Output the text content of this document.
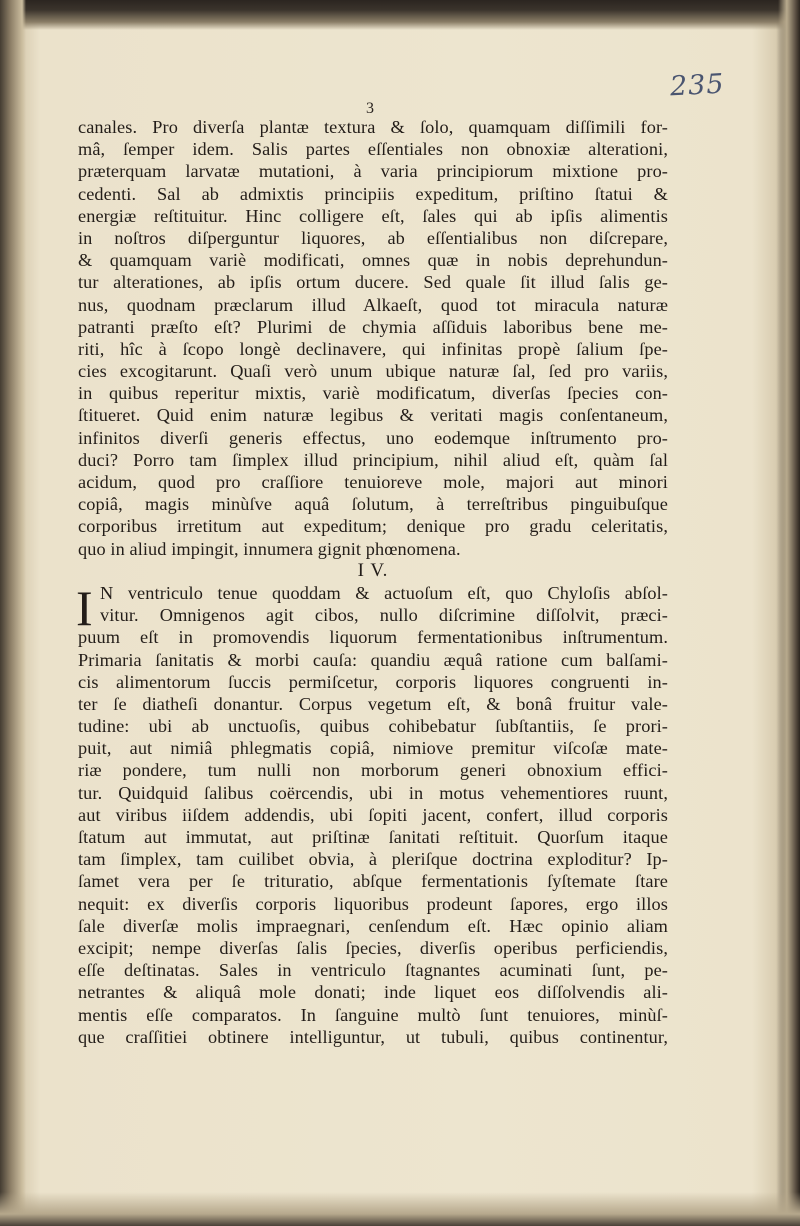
235
3
canales. Pro diverſa plantæ textura & ſolo, quamquam diſſimili for-
mâ, ſemper idem. Salis partes eſſentiales non obnoxiæ alterationi,
præterquam larvatæ mutationi, à varia principiorum mixtione pro-
cedenti. Sal ab admixtis principiis expeditum, priſtino ſtatui &
energiæ reſtituitur. Hinc colligere eſt, ſales qui ab ipſis alimentis
in noſtros diſperguntur liquores, ab eſſentialibus non diſcrepare,
& quamquam variè modificati, omnes quæ in nobis deprehundun-
tur alterationes, ab ipſis ortum ducere. Sed quale ſit illud ſalis ge-
nus, quodnam præclarum illud Alkaeſt, quod tot miracula naturæ
patranti præſto eſt? Plurimi de chymia aſſiduis laboribus bene me-
riti, hîc à ſcopo longè declinavere, qui infinitas propè ſalium ſpe-
cies excogitarunt. Quaſi verò unum ubique naturæ ſal, ſed pro variis,
in quibus reperitur mixtis, variè modificatum, diverſas ſpecies con-
ſtitueret. Quid enim naturæ legibus & veritati magis conſentaneum,
infinitos diverſi generis effectus, uno eodemque inſtrumento pro-
duci? Porro tam ſimplex illud principium, nihil aliud eſt, quàm ſal
acidum, quod pro craſſiore tenuioreve mole, majori aut minori
copiâ, magis minùſve aquâ ſolutum, à terreſtribus pinguibuſque
corporibus irretitum aut expeditum; denique pro gradu celeritatis,
quo in aliud impingit, innumera gignit phœnomena.
I V.
I N ventriculo tenue quoddam & actuoſum eſt, quo Chyloſis abſol-
vitur. Omnigenos agit cibos, nullo diſcrimine diſſolvit, præci-
puum eſt in promovendis liquorum fermentationibus inſtrumentum.
Primaria ſanitatis & morbi cauſa: quandiu æquâ ratione cum balſami-
cis alimentorum ſuccis permiſcetur, corporis liquores congruenti in-
ter ſe diatheſi donantur. Corpus vegetum eſt, & bonâ fruitur vale-
tudine: ubi ab unctuoſis, quibus cohibebatur ſubſtantiis, ſe prori-
puit, aut nimiâ phlegmatis copiâ, nimiove premitur viſcoſæ mate-
riæ pondere, tum nulli non morborum generi obnoxium effici-
tur. Quidquid ſalibus coërcendis, ubi in motus vehementiores ruunt,
aut viribus iiſdem addendis, ubi ſopiti jacent, confert, illud corporis
ſtatum aut immutat, aut priſtinæ ſanitati reſtituit. Quorſum itaque
tam ſimplex, tam cuilibet obvia, à pleriſque doctrina exploditur? Ip-
ſamet vera per ſe trituratio, abſque fermentationis ſyſtemate ſtare
nequit: ex diverſis corporis liquoribus prodeunt ſapores, ergo illos
ſale diverſæ molis impraegnari, cenſendum eſt. Hæc opinio aliam
excipit; nempe diverſas ſalis ſpecies, diverſis operibus perficiendis,
eſſe deſtinatas. Sales in ventriculo ſtagnantes acuminati ſunt, pe-
netrantes & aliquâ mole donati; inde liquet eos diſſolvendis ali-
mentis eſſe comparatos. In ſanguine multò ſunt tenuiores, minùſ-
que craſſitiei obtinere intelliguntur, ut tubuli, quibus continentur,
